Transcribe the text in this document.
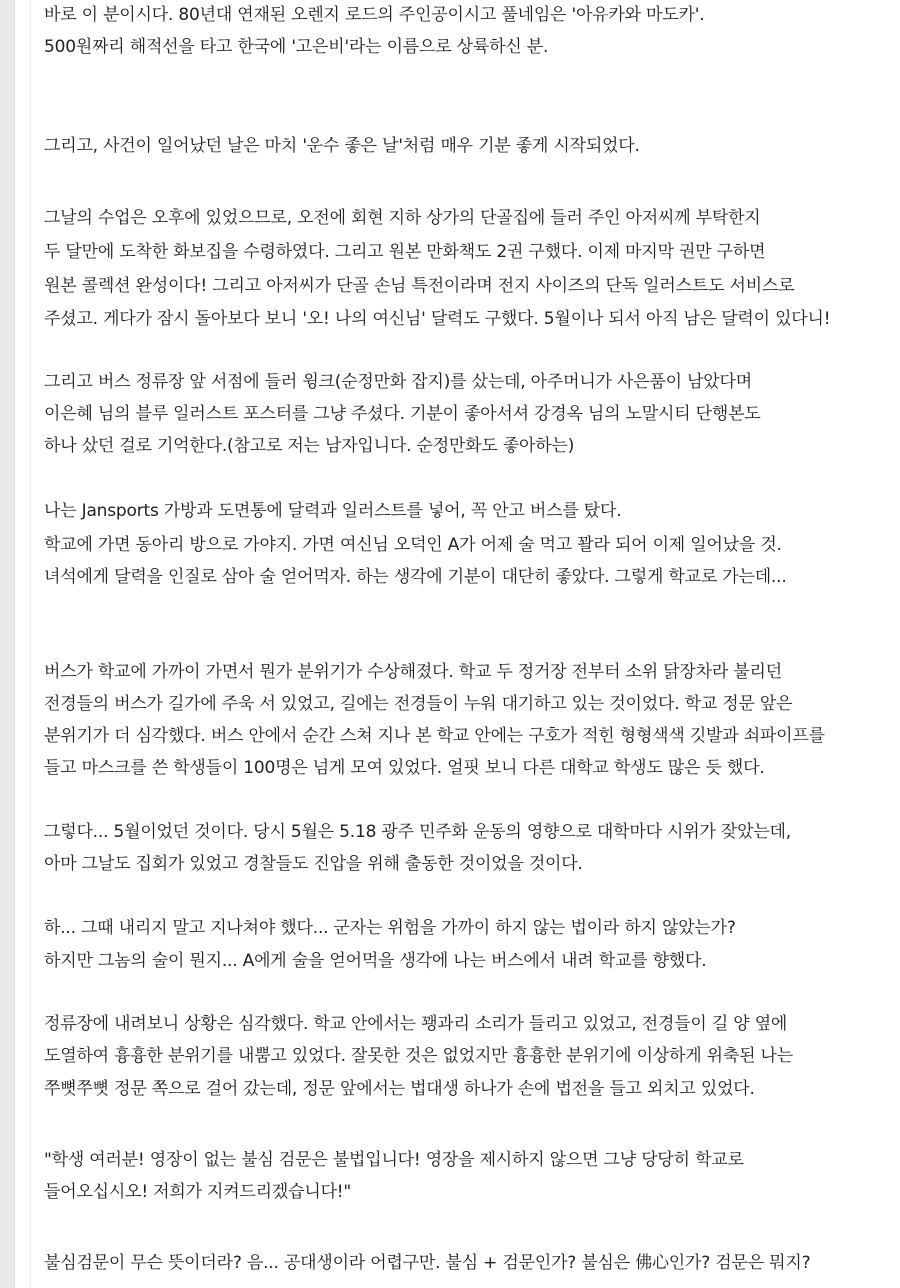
바로 이 분이시다. 80년대 연재된 오렌지 로드의 주인공이시고 풀네임은 '아유카와 마도카'.
500원짜리 해적선을 타고 한국에 '고은비'라는 이름으로 상륙하신 분.
그리고, 사건이 일어났던 날은 마치 '운수 좋은 날'처럼 매우 기분 좋게 시작되었다.
그날의 수업은 오후에 있었으므로, 오전에 회현 지하 상가의 단골집에 들러 주인 아저씨께 부탁한지
두 달만에 도착한 화보집을 수령하였다. 그리고 원본 만화책도 2권 구했다. 이제 마지막 권만 구하면
원본 콜렉션 완성이다! 그리고 아저씨가 단골 손님 특전이라며 전지 사이즈의 단독 일러스트도 서비스로
주셨고. 게다가 잠시 돌아보다 보니 '오! 나의 여신님' 달력도 구했다. 5월이나 되서 아직 남은 달력이 있다니!
그리고 버스 정류장 앞 서점에 들러 윙크(순정만화 잡지)를 샀는데, 아주머니가 사은품이 남았다며
이은혜 님의 블루 일러스트 포스터를 그냥 주셨다. 기분이 좋아서셔 강경옥 님의 노말시티 단행본도
하나 샀던 걸로 기억한다.(참고로 저는 남자입니다. 순정만화도 좋아하는)
나는 Jansports 가방과 도면통에 달력과 일러스트를 넣어, 꼭 안고 버스를 탔다.
학교에 가면 동아리 방으로 가야지. 가면 여신님 오덕인 A가 어제 술 먹고 꽐라 되어 이제 일어났을 것.
녀석에게 달력을 인질로 삼아 술 얻어먹자. 하는 생각에 기분이 대단히 좋았다. 그렇게 학교로 가는데...
버스가 학교에 가까이 가면서 뭔가 분위기가 수상해졌다. 학교 두 정거장 전부터 소위 닭장차라 불리던
전경들의 버스가 길가에 주욱 서 있었고, 길에는 전경들이 누워 대기하고 있는 것이었다. 학교 정문 앞은
분위기가 더 심각했다. 버스 안에서 순간 스쳐 지나 본 학교 안에는 구호가 적힌 형형색색 깃발과 쇠파이프를
들고 마스크를 쓴 학생들이 100명은 넘게 모여 있었다. 얼핏 보니 다른 대학교 학생도 많은 듯 했다.
그렇다... 5월이었던 것이다. 당시 5월은 5.18 광주 민주화 운동의 영향으로 대학마다 시위가 잦았는데,
아마 그날도 집회가 있었고 경찰들도 진압을 위해 출동한 것이었을 것이다.
하... 그때 내리지 말고 지나쳐야 했다... 군자는 위험을 가까이 하지 않는 법이라 하지 않았는가?
하지만 그놈의 술이 뭔지... A에게 술을 얻어먹을 생각에 나는 버스에서 내려 학교를 향했다.
정류장에 내려보니 상황은 심각했다. 학교 안에서는 꽹과리 소리가 들리고 있었고, 전경들이 길 양 옆에
도열하여 흉흉한 분위기를 내뿜고 있었다. 잘못한 것은 없었지만 흉흉한 분위기에 이상하게 위축된 나는
쭈뼛쭈뼛 정문 쪽으로 걸어 갔는데, 정문 앞에서는 법대생 하나가 손에 법전을 들고 외치고 있었다.
"학생 여러분! 영장이 없는 불심 검문은 불법입니다! 영장을 제시하지 않으면 그냥 당당히 학교로
들어오십시오! 저희가 지켜드리겠습니다!"
불심검문이 무슨 뜻이더라? 음... 공대생이라 어렵구만. 불심 + 검문인가? 불심은 佛心인가? 검문은 뭐지?
